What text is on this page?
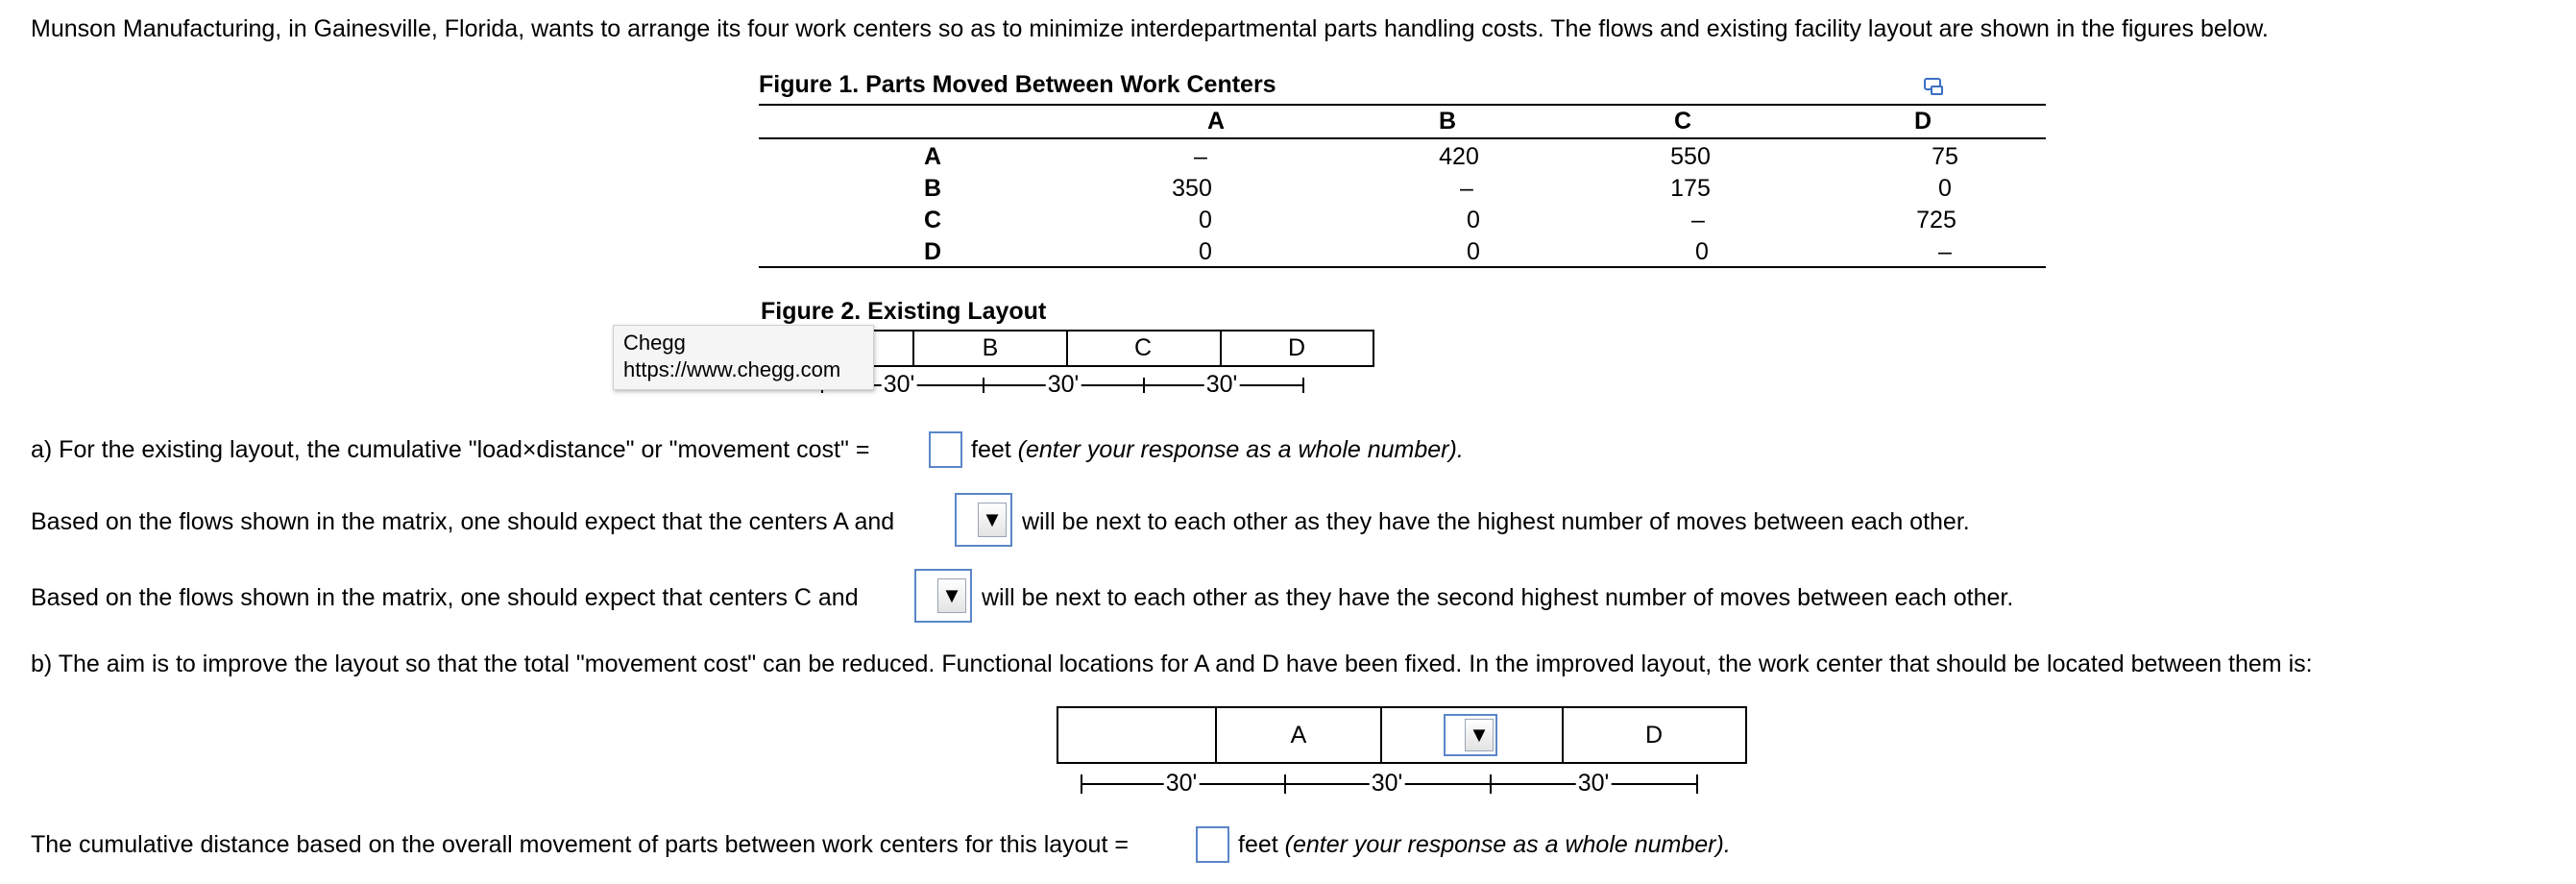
Munson Manufacturing, in Gainesville, Florida, wants to arrange its four work centers so as to minimize interdepartmental parts handling costs. The flows and existing facility layout are shown in the figures below.
Figure 1. Parts Moved Between Work Centers
A	B	C	D
A	–	420	550	75
B	350	–	175	0
C	0	0	–	725
D	0	0	0	–
Figure 2. Existing Layout
B	C	D
30'	30'	30'
Chegg
https://www.chegg.com
a) For the existing layout, the cumulative "load×distance" or "movement cost" =	feet (enter your response as a whole number).
Based on the flows shown in the matrix, one should expect that the centers A and	▼ will be next to each other as they have the highest number of moves between each other.
Based on the flows shown in the matrix, one should expect that centers C and	▼ will be next to each other as they have the second highest number of moves between each other.
b) The aim is to improve the layout so that the total "movement cost" can be reduced. Functional locations for A and D have been fixed. In the improved layout, the work center that should be located between them is:
A	▼	D
30'	30'	30'
The cumulative distance based on the overall movement of parts between work centers for this layout =	feet (enter your response as a whole number).
